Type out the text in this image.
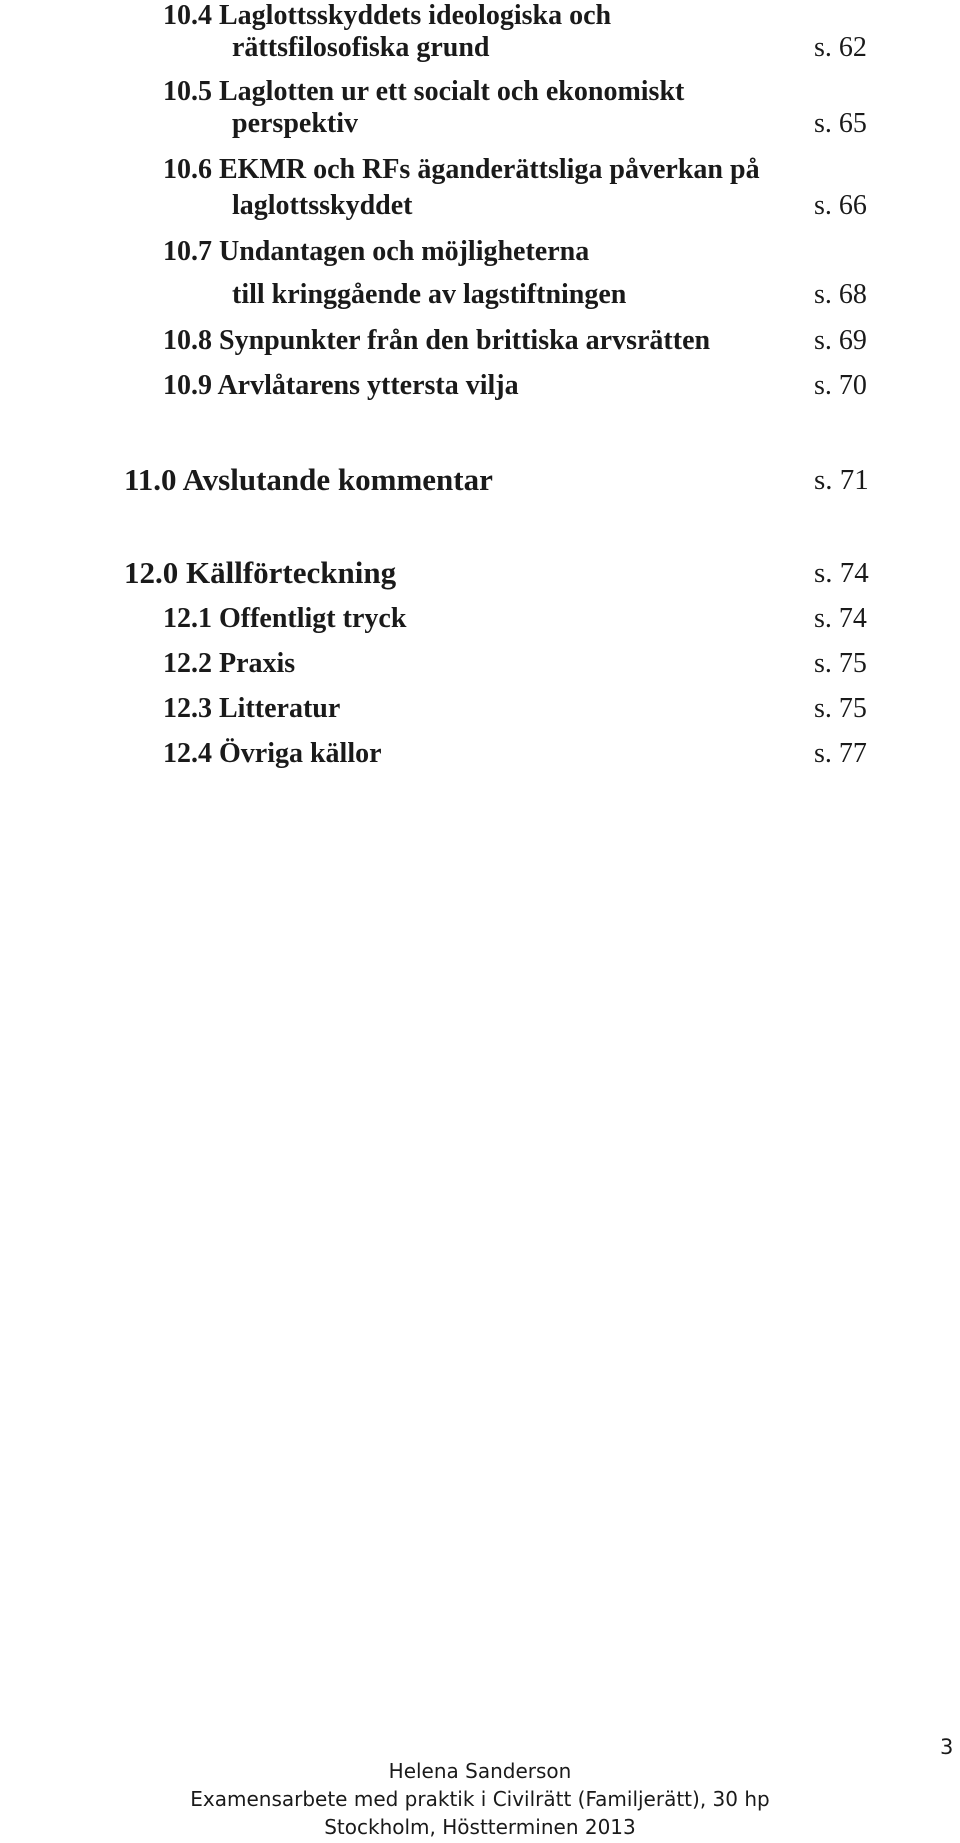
10.4 Laglottsskyddets ideologiska och
rättsfilosofiska grund	s. 62
10.5 Laglotten ur ett socialt och ekonomiskt
perspektiv	s. 65
10.6 EKMR och RFs äganderättsliga påverkan på
laglottsskyddet	s. 66
10.7 Undantagen och möjligheterna
till kringgående av lagstiftningen	s. 68
10.8 Synpunkter från den brittiska arvsrätten	s. 69
10.9 Arvlåtarens yttersta vilja	s. 70
11.0 Avslutande kommentar	s. 71
12.0 Källförteckning	s. 74
12.1 Offentligt tryck	s. 74
12.2 Praxis	s. 75
12.3 Litteratur	s. 75
12.4 Övriga källor	s. 77
3
Helena Sanderson
Examensarbete med praktik i Civilrätt (Familjerätt), 30 hp
Stockholm, Höstterminen 2013
